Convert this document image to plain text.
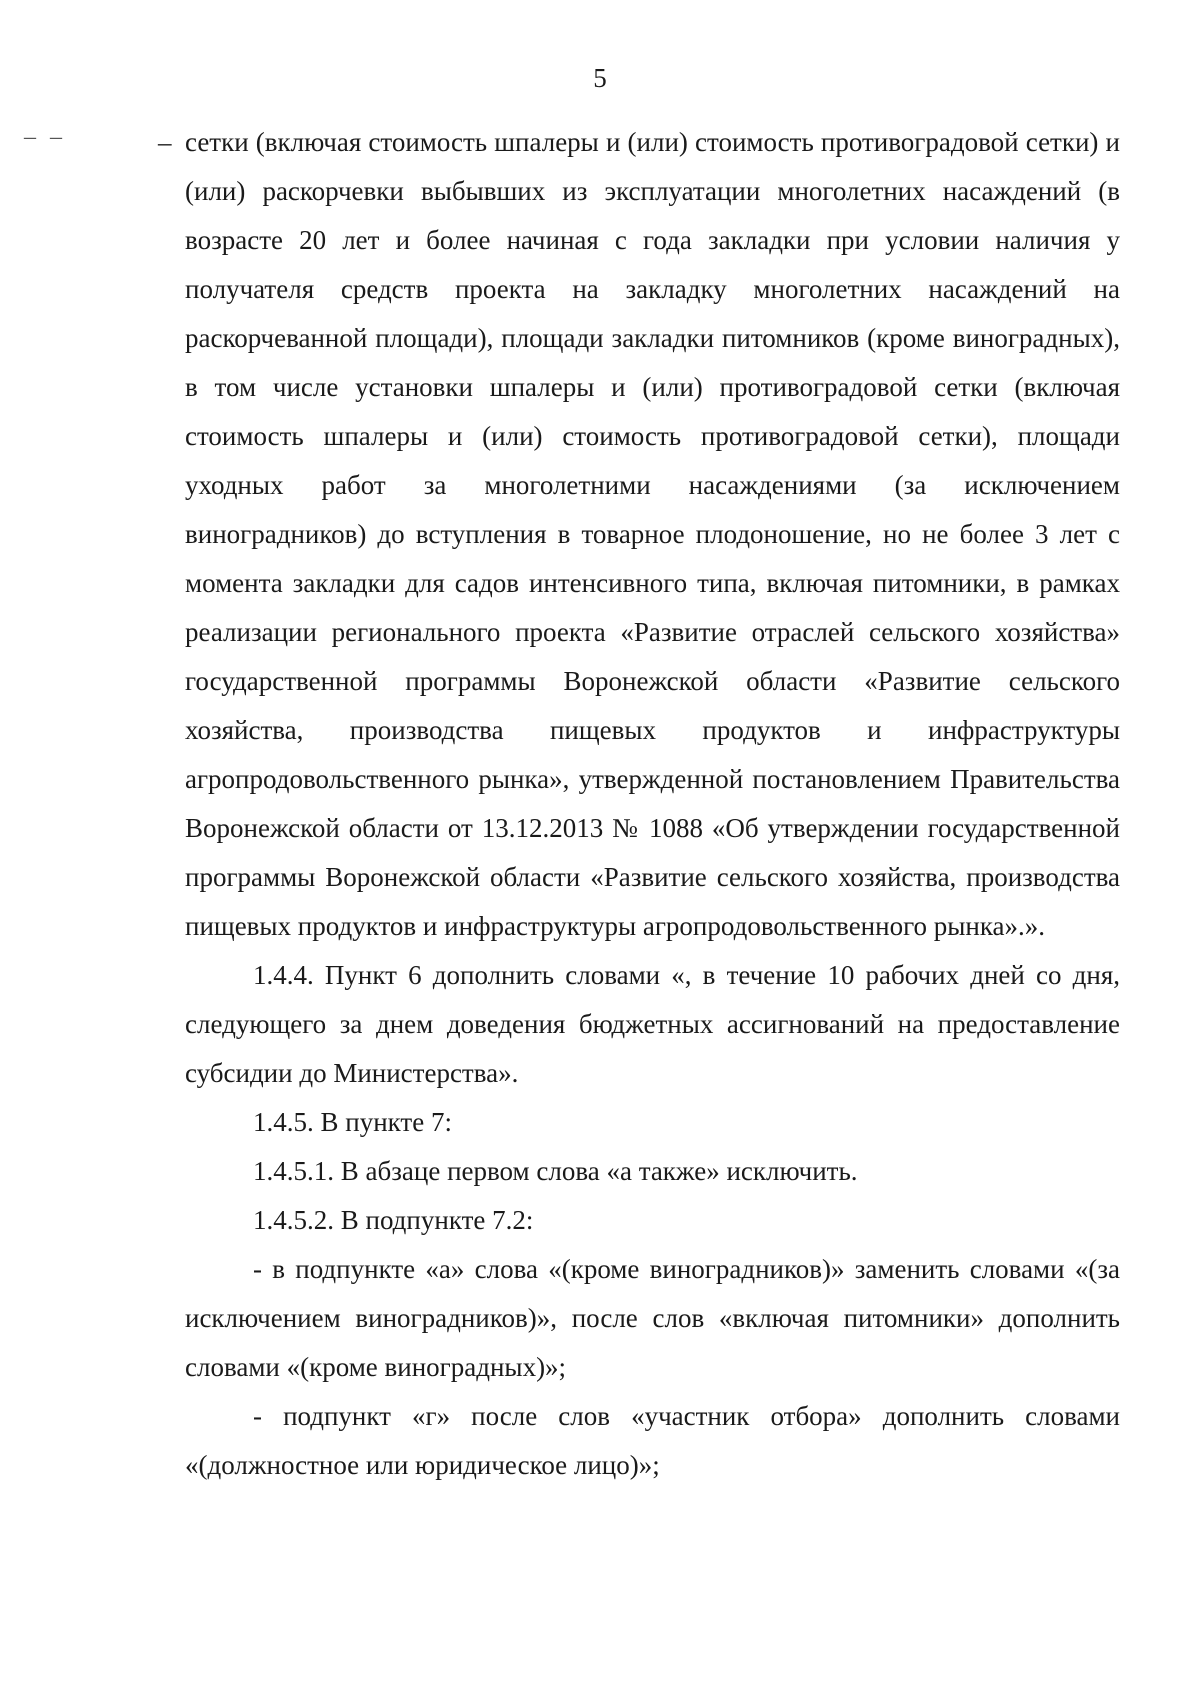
5
– –	– сетки (включая стоимость шпалеры и (или) стоимость противоградовой сетки) и (или) раскорчевки выбывших из эксплуатации многолетних насаждений (в возрасте 20 лет и более начиная с года закладки при условии наличия у получателя средств проекта на закладку многолетних насаждений на раскорчеванной площади), площади закладки питомников (кроме виноградных), в том числе установки шпалеры и (или) противоградовой сетки (включая стоимость шпалеры и (или) стоимость противоградовой сетки), площади уходных работ за многолетними насаждениями (за исключением виноградников) до вступления в товарное плодоношение, но не более 3 лет с момента закладки для садов интенсивного типа, включая питомники, в рамках реализации регионального проекта «Развитие отраслей сельского хозяйства» государственной программы Воронежской области «Развитие сельского хозяйства, производства пищевых продуктов и инфраструктуры агропродовольственного рынка», утвержденной постановлением Правительства Воронежской области от 13.12.2013 № 1088 «Об утверждении государственной программы Воронежской области «Развитие сельского хозяйства, производства пищевых продуктов и инфраструктуры агропродовольственного рынка».».

1.4.4. Пункт 6 дополнить словами «, в течение 10 рабочих дней со дня, следующего за днем доведения бюджетных ассигнований на предоставление субсидии до Министерства».

1.4.5. В пункте 7:

1.4.5.1. В абзаце первом слова «а также» исключить.

1.4.5.2. В подпункте 7.2:

- в подпункте «а» слова «(кроме виноградников)» заменить словами «(за исключением виноградников)», после слов «включая питомники» дополнить словами «(кроме виноградных)»;

- подпункт «г» после слов «участник отбора» дополнить словами «(должностное или юридическое лицо)»;
